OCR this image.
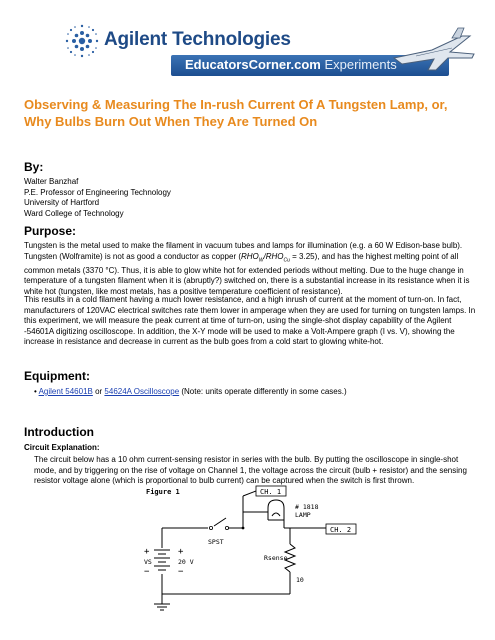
Agilent Technologies
EducatorsCorner.com Experiments
Observing & Measuring The In-rush Current Of A Tungsten Lamp, or,
Why Bulbs Burn Out When They Are Turned On
By:
Walter Banzhaf
P.E. Professor of Engineering Technology
University of Hartford
Ward College of Technology
Purpose:
Tungsten is the metal used to make the filament in vacuum tubes and lamps for illumination (e.g. a 60 W Edison-base bulb). Tungsten (Wolframite) is not as good a conductor as copper $(RHO_W/RHO_{Cu} = 3.25)$, and has the highest melting point of all common metals (3370 °C). Thus, it is able to glow white hot for extended periods without melting. Due to the huge change in temperature of a tungsten filament when it is (abruptly?) switched on, there is a substantial increase in its resistance when it is white hot (tungsten, like most metals, has a positive temperature coefficient of resistance).
This results in a cold filament having a much lower resistance, and a high inrush of current at the moment of turn-on. In fact, manufacturers of 120VAC electrical switches rate them lower in amperage when they are used for turning on tungsten lamps. In this experiment, we will measure the peak current at time of turn-on, using the single-shot display capability of the Agilent -54601A digitizing oscilloscope. In addition, the X-Y mode will be used to make a Volt-Ampere graph (I vs. V), showing the increase in resistance and decrease in current as the bulb goes from a cold start to glowing white-hot.
Equipment:
• Agilent 54601B or 54624A Oscilloscope (Note: units operate differently in some cases.)
Introduction
Circuit Explanation:
The circuit below has a 10 ohm current-sensing resistor in series with the bulb. By putting the oscilloscope in single-shot mode, and by triggering on the rise of voltage on Channel 1, the voltage across the circuit (bulb + resistor) and the sensing resistor voltage alone (which is proportional to bulb current) can be captured when the switch is first thrown.
Figure 1	CH. 1
CH. 2
# 1818
LAMP
SPST
+
VS
−
+
20 V
−
Rsense
10
